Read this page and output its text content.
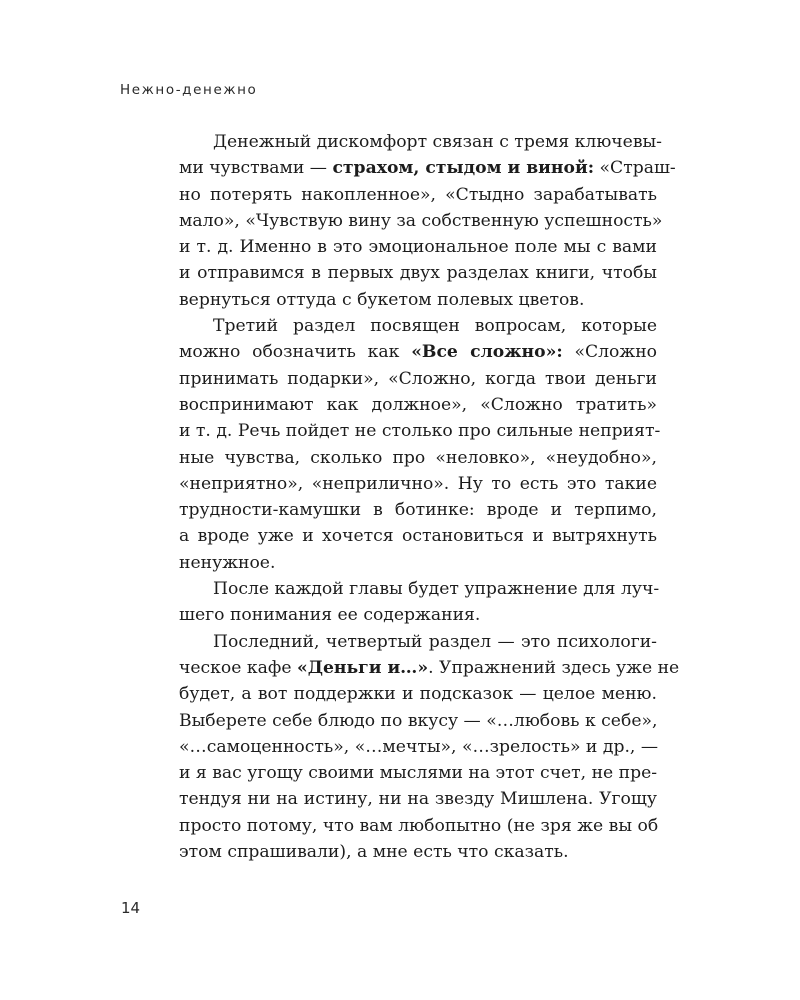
Нежно-денежно
Денежный дискомфорт связан с тремя ключевы-
ми чувствами — страхом, стыдом и виной: «Страш-
но потерять накопленное», «Стыдно зарабатывать
мало», «Чувствую вину за собственную успешность»
и т. д. Именно в это эмоциональное поле мы с вами
и отправимся в первых двух разделах книги, чтобы
вернуться оттуда с букетом полевых цветов.
Третий раздел посвящен вопросам, которые
можно обозначить как «Все сложно»: «Сложно
принимать подарки», «Сложно, когда твои деньги
воспринимают как должное», «Сложно тратить»
и т. д. Речь пойдет не столько про сильные неприят-
ные чувства, сколько про «неловко», «неудобно»,
«неприятно», «неприлично». Ну то есть это такие
трудности-камушки в ботинке: вроде и терпимо,
а вроде уже и хочется остановиться и вытряхнуть
ненужное.
После каждой главы будет упражнение для луч-
шего понимания ее содержания.
Последний, четвертый раздел — это психологи-
ческое кафе «Деньги и…». Упражнений здесь уже не
будет, а вот поддержки и подсказок — целое меню.
Выберете себе блюдо по вкусу — «…любовь к себе»,
«…самоценность», «…мечты», «…зрелость» и др., —
и я вас угощу своими мыслями на этот счет, не пре-
тендуя ни на истину, ни на звезду Мишлена. Угощу
просто потому, что вам любопытно (не зря же вы об
этом спрашивали), а мне есть что сказать.
14
